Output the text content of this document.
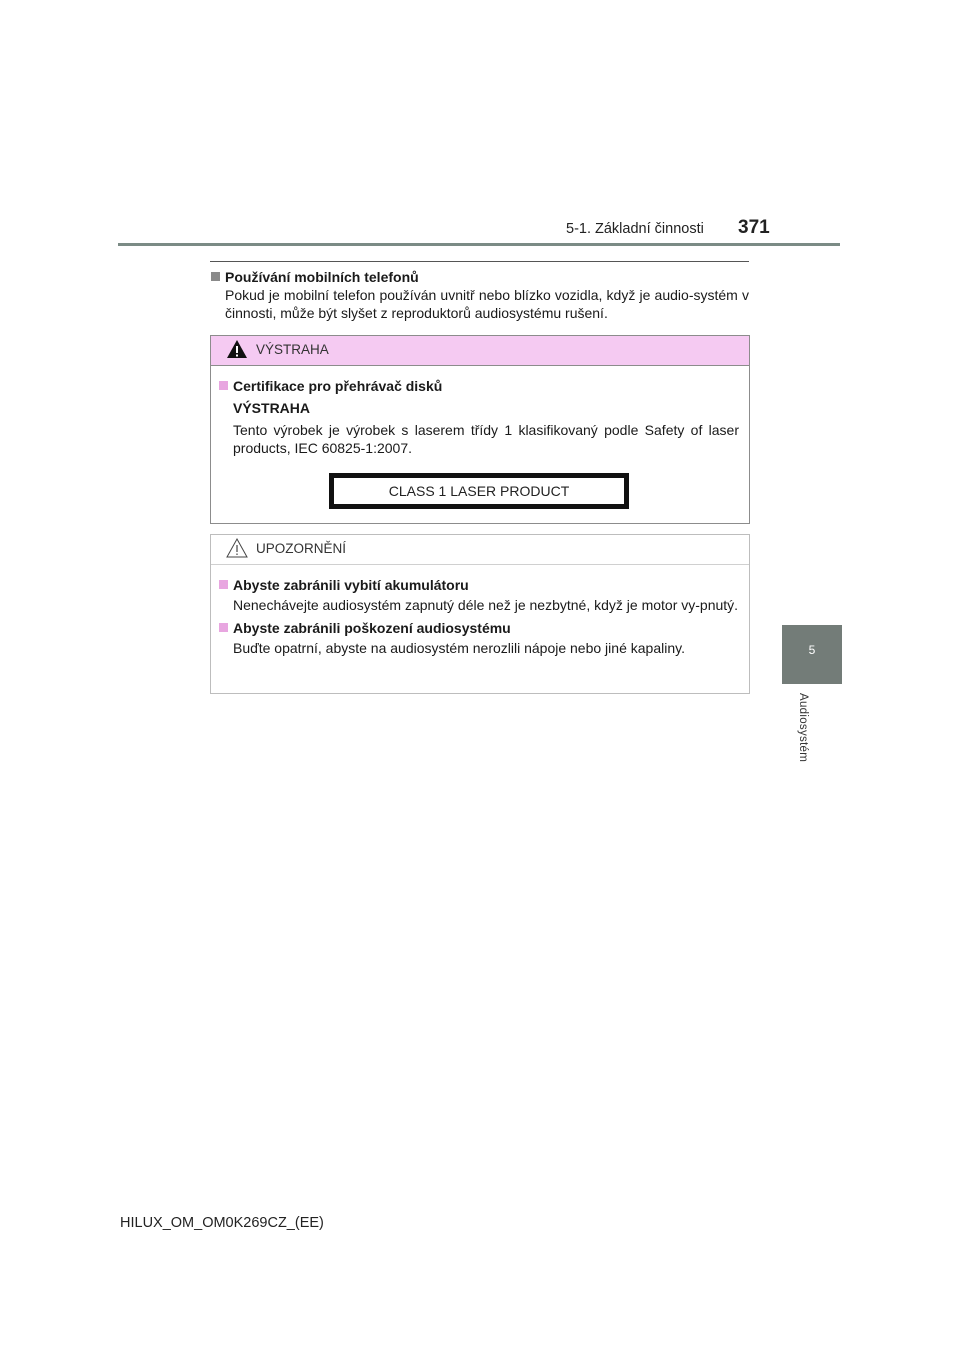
5-1. Základní činnosti 371
5
Audiosystém
Používání mobilních telefonů
Pokud je mobilní telefon používán uvnitř nebo blízko vozidla, když je audio-systém v činnosti, může být slyšet z reproduktorů audiosystému rušení.
VÝSTRAHA
Certifikace pro přehrávač disků
VÝSTRAHA
Tento výrobek je výrobek s laserem třídy 1 klasifikovaný podle Safety of laser products, IEC 60825-1:2007.
CLASS 1 LASER PRODUCT
UPOZORNĚNÍ
Abyste zabránili vybití akumulátoru
Nenechávejte audiosystém zapnutý déle než je nezbytné, když je motor vy-pnutý.
Abyste zabránili poškození audiosystému
Buďte opatrní, abyste na audiosystém nerozlili nápoje nebo jiné kapaliny.
HILUX_OM_OM0K269CZ_(EE)
